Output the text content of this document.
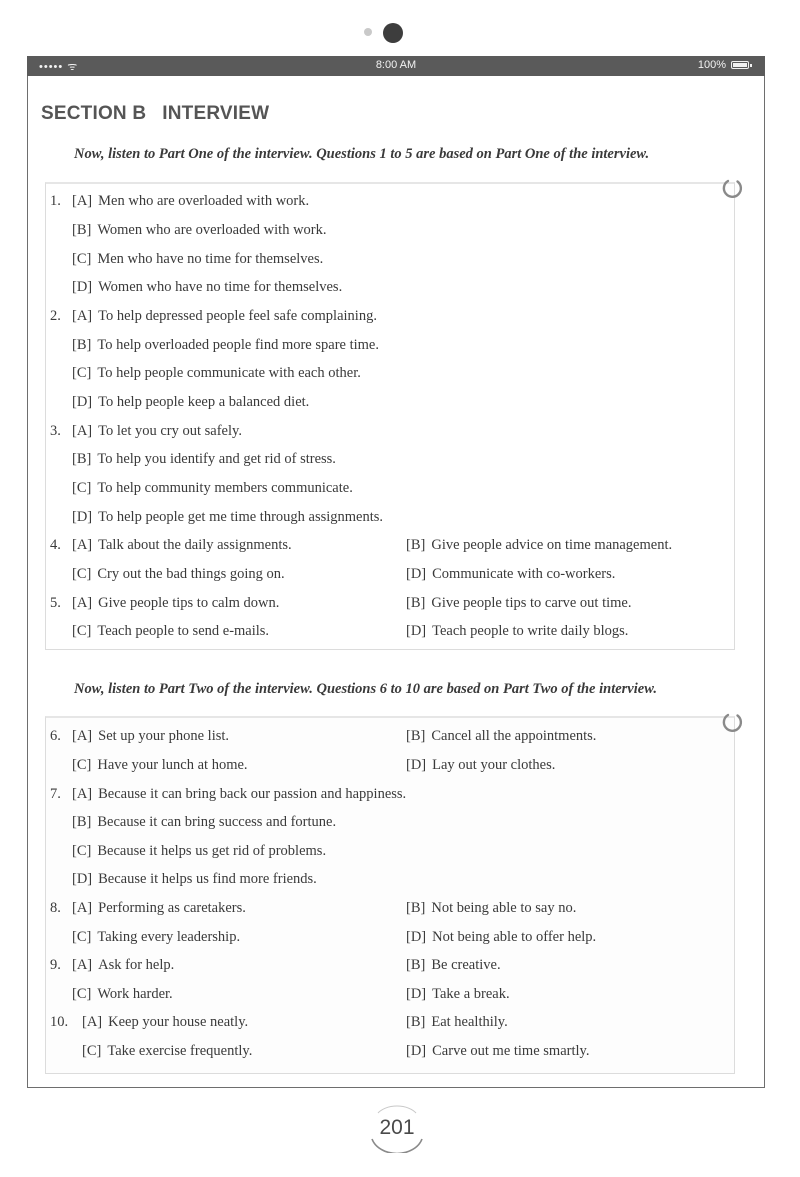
••••• ᯤ	8:00 AM	100%
SECTION B INTERVIEW
Now, listen to Part One of the interview. Questions 1 to 5 are based on Part One of the interview.
1. [A] Men who are overloaded with work.
[B] Women who are overloaded with work.
[C] Men who have no time for themselves.
[D] Women who have no time for themselves.
2. [A] To help depressed people feel safe complaining.
[B] To help overloaded people find more spare time.
[C] To help people communicate with each other.
[D] To help people keep a balanced diet.
3. [A] To let you cry out safely.
[B] To help you identify and get rid of stress.
[C] To help community members communicate.
[D] To help people get me time through assignments.
4. [A] Talk about the daily assignments.	[B] Give people advice on time management.
[C] Cry out the bad things going on.	[D] Communicate with co-workers.
5. [A] Give people tips to calm down.	[B] Give people tips to carve out time.
[C] Teach people to send e-mails.	[D] Teach people to write daily blogs.
Now, listen to Part Two of the interview. Questions 6 to 10 are based on Part Two of the interview.
6. [A] Set up your phone list.	[B] Cancel all the appointments.
[C] Have your lunch at home.	[D] Lay out your clothes.
7. [A] Because it can bring back our passion and happiness.
[B] Because it can bring success and fortune.
[C] Because it helps us get rid of problems.
[D] Because it helps us find more friends.
8. [A] Performing as caretakers.	[B] Not being able to say no.
[C] Taking every leadership.	[D] Not being able to offer help.
9. [A] Ask for help.	[B] Be creative.
[C] Work harder.	[D] Take a break.
10. [A] Keep your house neatly.	[B] Eat healthily.
[C] Take exercise frequently.	[D] Carve out me time smartly.
201
